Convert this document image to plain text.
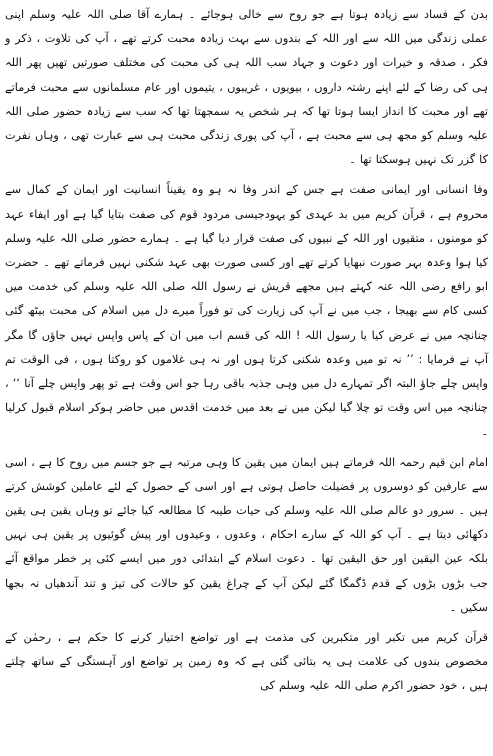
بدن کے فساد سے زیادہ ہوتا ہے جو روح سے خالی ہوجائے ۔ ہمارے آقا صلی اللہ علیہ وسلم اپنی عملی زندگی میں اللہ سے اور اللہ کے بندوں سے بہت زیادہ محبت کرتے تھے ، آپ کی تلاوت ، ذکر و فکر ، صدقہ و خیرات اور دعوت و جہاد سب اللہ ہی کی محبت کی مختلف صورتیں تھیں پھر اللہ ہی کی رضا کے لئے اپنے رشتہ داروں ، بیویوں ، غریبوں ، یتیموں اور عام مسلمانوں سے محبت فرماتے تھے اور محبت کا انداز ایسا ہوتا تھا کہ ہر شخص یہ سمجھتا تھا کہ سب سے زیادہ حضور صلی اللہ علیہ وسلم کو مجھ ہی سے محبت ہے ، آپ کی پوری زندگی محبت ہی سے عبارت تھی ، وہاں نفرت کا گزر تک نہیں ہوسکتا تھا ۔

وفا انسانی اور ایمانی صفت ہے جس کے اندر وفا نہ ہو وہ یقیناً انسانیت اور ایمان کے کمال سے محروم ہے ، قرآن کریم میں بد عہدی کو یہودجیسی مردود قوم کی صفت بتایا گیا ہے اور ایفاء عہد کو مومنوں ، متقیوں اور اللہ کے نبیوں کی صفت قرار دیا گیا ہے ۔ ہمارے حضور صلی اللہ علیہ وسلم کیا ہوا وعدہ بہر صورت نبھایا کرتے تھے اور کسی صورت بھی عہد شکنی نہیں فرماتے تھے ۔ حضرت ابو رافع رضی اللہ عنہ کہتے ہیں مجھے قریش نے رسول اللہ صلی اللہ علیہ وسلم کی خدمت میں کسی کام سے بھیجا ، جب میں نے آپ کی زیارت کی تو فوراً میرے دل میں اسلام کی محبت بیٹھ گئی چنانچہ میں نے عرض کیا یا رسول اللہ ! اللہ کی قسم اب میں ان کے پاس واپس نہیں جاؤں گا مگر آپ نے فرمایا : ’’ نہ تو میں وعدہ شکنی کرتا ہوں اور نہ ہی غلاموں کو روکتا ہوں ، فی الوقت تم واپس چلے جاؤ البتہ اگر تمہارے دل میں وہی جذبہ باقی رہا جو اس وقت ہے تو پھر واپس چلے آنا ‘‘ ، چنانچہ میں اس وقت تو چلا گیا لیکن میں نے بعد میں خدمت اقدس میں حاضر ہوکر اسلام قبول کرلیا ۔

امام ابن قیم رحمہ اللہ فرماتے ہیں ایمان میں یقین کا وہی مرتبہ ہے جو جسم میں روح کا ہے ، اسی سے عارفین کو دوسروں پر فضیلت حاصل ہوتی ہے اور اسی کے حصول کے لئے عاملین کوشش کرتے ہیں ۔ سرور دو عالم صلی اللہ علیہ وسلم کی حیات طیبہ کا مطالعہ کیا جائے تو وہاں یقین ہی یقین دکھائی دیتا ہے ۔ آپ کو اللہ کے سارے احکام ، وعدوں ، وعیدوں اور پیش گوئیوں پر یقین ہی نہیں بلکہ عین الیقین اور حق الیقین تھا ۔ دعوت اسلام کے ابتدائی دور میں ایسے کئی پر خطر مواقع آئے جب بڑوں بڑوں کے قدم ڈگمگا گئے لیکن آپ کے چراغ یقین کو حالات کی تیز و تند آندھیاں نہ بجھا سکیں ۔

قرآن کریم میں تکبر اور متکبرین کی مذمت ہے اور تواضع اختیار کرنے کا حکم ہے ، رحمٰن کے مخصوص بندوں کی علامت ہی یہ بتائی گئی ہے کہ وہ زمین پر تواضع اور آہستگی کے ساتھ چلتے ہیں ، خود حضور اکرم صلی اللہ علیہ وسلم کی
